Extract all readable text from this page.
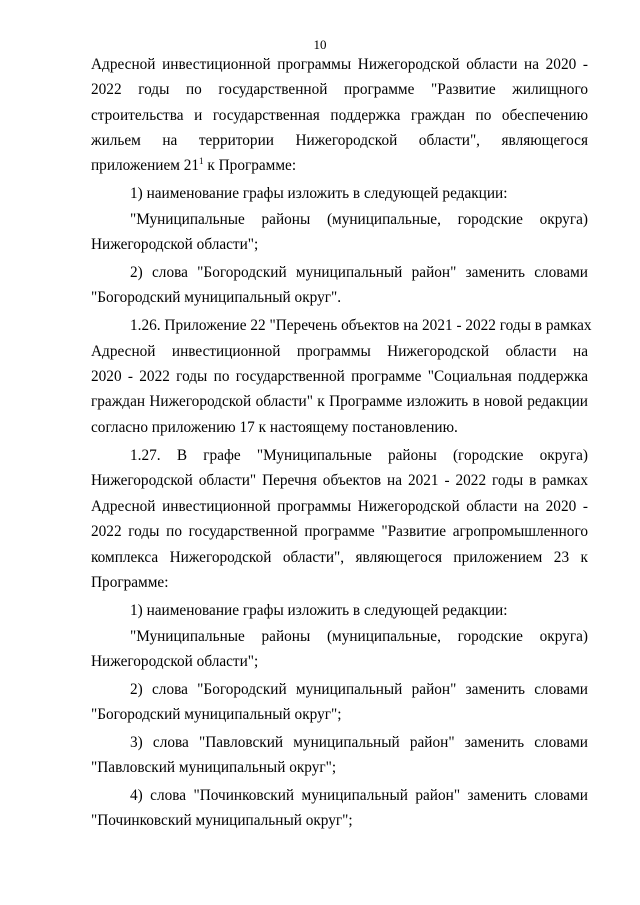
10
Адресной инвестиционной программы Нижегородской области на 2020 -
2022 годы по государственной программе "Развитие жилищного
строительства и государственная поддержка граждан по обеспечению
жильем на территории Нижегородской области", являющегося
приложением $21^1$ к Программе:
1) наименование графы изложить в следующей редакции:
"Муниципальные районы (муниципальные, городские округа)
Нижегородской области";
2) слова "Богородский муниципальный район" заменить словами
"Богородский муниципальный округ".
1.26. Приложение 22 "Перечень объектов на 2021 - 2022 годы в рамках
Адресной инвестиционной программы Нижегородской области на
2020 - 2022 годы по государственной программе "Социальная поддержка
граждан Нижегородской области" к Программе изложить в новой редакции
согласно приложению 17 к настоящему постановлению.
1.27. В графе "Муниципальные районы (городские округа)
Нижегородской области" Перечня объектов на 2021 - 2022 годы в рамках
Адресной инвестиционной программы Нижегородской области на 2020 -
2022 годы по государственной программе "Развитие агропромышленного
комплекса Нижегородской области", являющегося приложением 23 к
Программе:
1) наименование графы изложить в следующей редакции:
"Муниципальные районы (муниципальные, городские округа)
Нижегородской области";
2) слова "Богородский муниципальный район" заменить словами
"Богородский муниципальный округ";
3) слова "Павловский муниципальный район" заменить словами
"Павловский муниципальный округ";
4) слова "Починковский муниципальный район" заменить словами
"Починковский муниципальный округ";
